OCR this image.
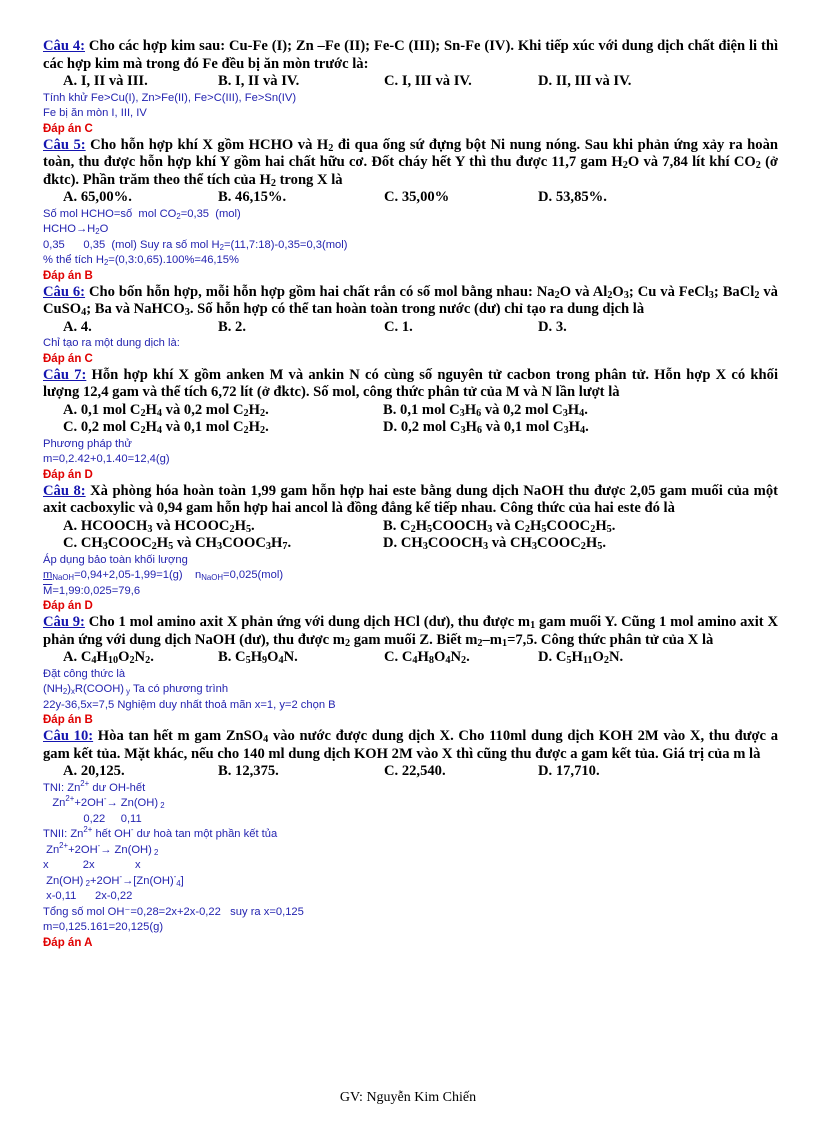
Câu 4: Cho các hợp kim sau: Cu-Fe (I); Zn –Fe (II); Fe-C (III); Sn-Fe (IV). Khi tiếp xúc với dung dịch chất điện li thì các hợp kim mà trong đó Fe đều bị ăn mòn trước là:

A. I, II và III.	B. I, II và IV.	C. I, III và IV.	D. II, III và IV.

Tính khử Fe>Cu(I), Zn>Fe(II), Fe>C(III), Fe>Sn(IV)

Fe bị ăn mòn I, III, IV

Đáp án C

Câu 5: Cho hỗn hợp khí X gồm HCHO và $H_2$ đi qua ống sứ đựng bột Ni nung nóng. Sau khi phản ứng xảy ra hoàn toàn, thu được hỗn hợp khí Y gồm hai chất hữu cơ. Đốt cháy hết Y thì thu được 11,7 gam $H_2O$ và 7,84 lít khí $CO_2$ (ở đktc). Phần trăm theo thể tích của $H_2$ trong X là

A. 65,00%.	B. 46,15%.	C. 35,00%	D. 53,85%.

Số mol HCHO=số  mol $CO_2=0,35$  (mol)

$HCHO\to H_2O$

0,35      0,35  (mol) Suy ra số mol $H_2=(11,7:18)-0,35=0,3(mol)$

% thể tích $H_2=(0,3:0,65).100\%=46,15\%$

Đáp án B

Câu 6: Cho bốn hỗn hợp, mỗi hỗn hợp gồm hai chất rắn có số mol bằng nhau: $Na_2O$ và $Al_2O_3$; Cu và FeCl$_3$; BaCl$_2$ và CuSO$_4$; Ba và NaHCO$_3$. Số hỗn hợp có thể tan hoàn toàn trong nước (dư) chỉ tạo ra dung dịch là

A. 4.	B. 2.	C. 1.	D. 3.

Chỉ tạo ra một dung dịch là:

Đáp án C

Câu 7: Hỗn hợp khí X gồm anken M và ankin N có cùng số nguyên tử cacbon trong phân tử. Hỗn hợp X có khối lượng 12,4 gam và thể tích 6,72 lít (ở đktc). Số mol, công thức phân tử của M và N lần lượt là

A. 0,1 mol $C_2H_4$ và 0,2 mol $C_2H_2$.	B. 0,1 mol $C_3H_6$ và 0,2 mol $C_3H_4$.
C. 0,2 mol $C_2H_4$ và 0,1 mol $C_2H_2$.	D. 0,2 mol $C_3H_6$ và 0,1 mol $C_3H_4$.

Phương pháp thử

m=0,2.42+0,1.40=12,4(g)

Đáp án D

Câu 8: Xà phòng hóa hoàn toàn 1,99 gam hỗn hợp hai este bằng dung dịch NaOH thu được 2,05 gam muối của một axit cacboxylic và 0,94 gam hỗn hợp hai ancol là đồng đẳng kế tiếp nhau. Công thức của hai este đó là

A. $HCOOCH_3$ và $HCOOC_2H_5$.	B. $C_2H_5COOCH_3$ và $C_2H_5COOC_2H_5$.
C. $CH_3COOC_2H_5$ và $CH_3COOC_3H_7$.	D. $CH_3COOCH_3$ và $CH_3COOC_2H_5$.

Áp dụng bảo toàn khối lượng

$m_{NaOH}=0,94+2,05-1,99=1(g)$    $n_{NaOH}=0,025(mol)$

$\overline{M}=1,99:0,025=79,6$

Đáp án D

Câu 9: Cho 1 mol amino axit X phản ứng với dung dịch HCl (dư), thu được $m_1$ gam muối Y. Cũng 1 mol amino axit X phản ứng với dung dịch NaOH (dư), thu được $m_2$ gam muối Z. Biết $m_2-m_1=7,5$. Công thức phân tử của X là

A. $C_4H_{10}O_2N_2$.	B. $C_5H_9O_4N$.	C. $C_4H_8O_4N_2$.	D. $C_5H_{11}O_2N$.

Đặt công thức là

$(NH_2)_xR(COOH)$ $_y$ Ta có phương trình

22y-36,5x=7,5 Nghiệm duy nhất thoả mãn x=1, y=2 chọn B

Đáp án B

Câu 10: Hòa tan hết m gam ZnSO$_4$ vào nước được dung dịch X. Cho 110ml dung dịch KOH 2M vào X, thu được a gam kết tủa. Mặt khác, nếu cho 140 ml dung dịch KOH 2M vào X thì cũng thu được a gam kết tủa. Giá trị của m là

A. 20,125.	B. 12,375.	C. 22,540.	D. 17,710.

TNI: $Zn^{2+}$ dư OH-hết

$Zn^{2+}+2OH^-\to Zn(OH)$ $_2$

0,22     0,11

TNII: $Zn^{2+}$ hết OH- dư hoà tan một phần kết tủa

$Zn^{2+}+2OH^-\to Zn(OH)$ $_2$

x           2x             x

Zn(OH) $_2+2OH^-\to[Zn(OH)^-_4]$

x-0,11      2x-0,22

Tổng số mol OH⁻=0,28=2x+2x-0,22   suy ra x=0,125

m=0,125.161=20,125(g)

Đáp án A

GV: Nguyễn Kim Chiến
